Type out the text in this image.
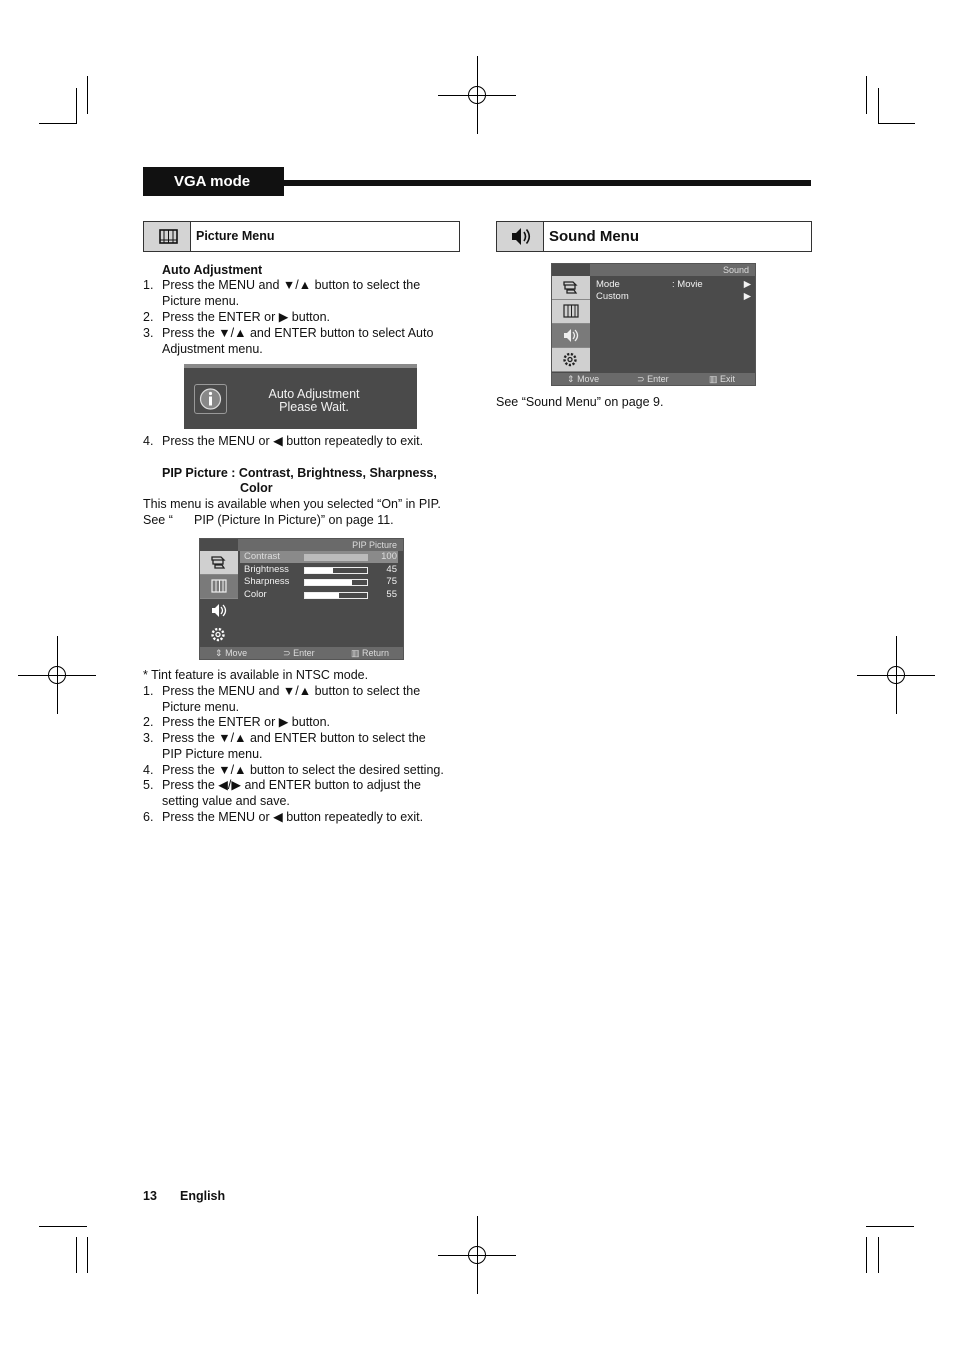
VGA mode
Picture Menu
Auto Adjustment
1. Press the MENU and ▼/▲ button to select the
Picture menu.
2. Press the ENTER or ▶ button.
3. Press the ▼/▲ and ENTER button to select Auto
Adjustment menu.
Auto Adjustment
Please Wait.
4. Press the MENU or ◀ button repeatedly to exit.
PIP Picture : Contrast, Brightness, Sharpness,
Color
This menu is available when you selected “On” in PIP.
See “ PIP (Picture In Picture)” on page 11.
PIP Picture
Contrast	100
Brightness	45
Sharpness	75
Color	55
⇕ Move	⊃ Enter	▥ Return
* Tint feature is available in NTSC mode.
1. Press the MENU and ▼/▲ button to select the
Picture menu.
2. Press the ENTER or ▶ button.
3. Press the ▼/▲ and ENTER button to select the
PIP Picture menu.
4. Press the ▼/▲ button to select the desired setting.
5. Press the ◀/▶ and ENTER button to adjust the
setting value and save.
6. Press the MENU or ◀ button repeatedly to exit.
Sound Menu
Sound
Mode	: Movie	▶
Custom	▶
⇕ Move	⊃ Enter	▥ Exit
See “Sound Menu” on page 9.
13 English
